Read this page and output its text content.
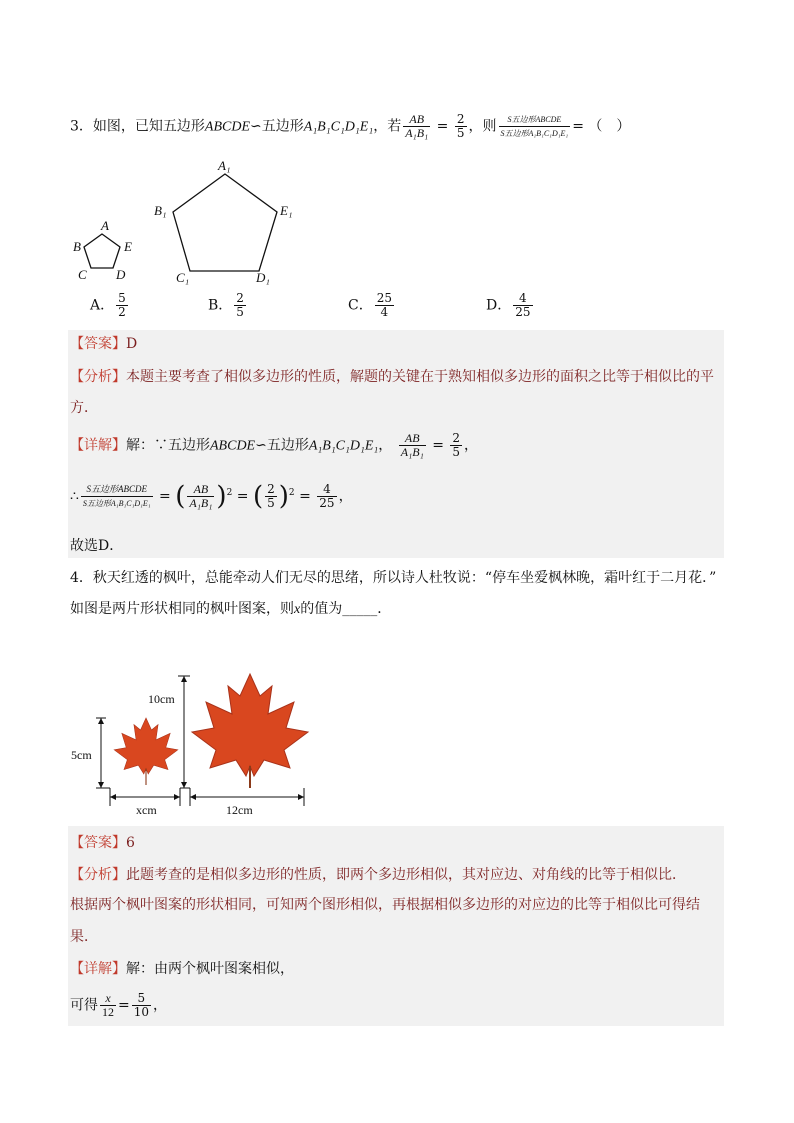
3．如图，已知五边形ABCDE∽五边形A₁B₁C₁D₁E₁，若 $\frac{AB}{\text{A₁B₁}} = \frac{2}{5}$ ，则 $\frac{\text{S五边形ABCDE}}{\text{S五边形A₁B₁C₁D₁E₁}}$ = （　）
A
B	E
C D
A₁
B₁	E₁
C₁	D₁
A． $\frac{5}{2}$	B． $\frac{2}{5}$	C． $\frac{25}{4}$	D． $\frac{4}{25}$
【答案】D
【分析】本题主要考查了相似多边形的性质，解题的关键在于熟知相似多边形的面积之比等于相似比的平
方．
【详解】解：∵五边形ABCDE∽五边形A₁B₁C₁D₁E₁， $\frac{AB}{\text{A₁B₁}} = \frac{2}{5}$ ，
∴ $\frac{\text{S五边形ABCDE}}{\text{S五边形A₁B₁C₁D₁E₁}}$ = ( $\frac{AB}{\text{A₁B₁}} )^2$ = ( $\frac{2}{5} )^2 = \frac{4}{25}$ ，
故选D．
4．秋天红透的枫叶，总能牵动人们无尽的思绪，所以诗人杜牧说：“停车坐爱枫林晚，霜叶红于二月花．”
如图是两片形状相同的枫叶图案，则x的值为_____．
5cm
10cm
xcm	12cm
【答案】6
【分析】此题考查的是相似多边形的性质，即两个多边形相似，其对应边、对角线的比等于相似比．
根据两个枫叶图案的形状相同，可知两个图形相似，再根据相似多边形的对应边的比等于相似比可得结
果．
【详解】解：由两个枫叶图案相似，
可得 $\frac{x}{12} = \frac{5}{10}$ ，
